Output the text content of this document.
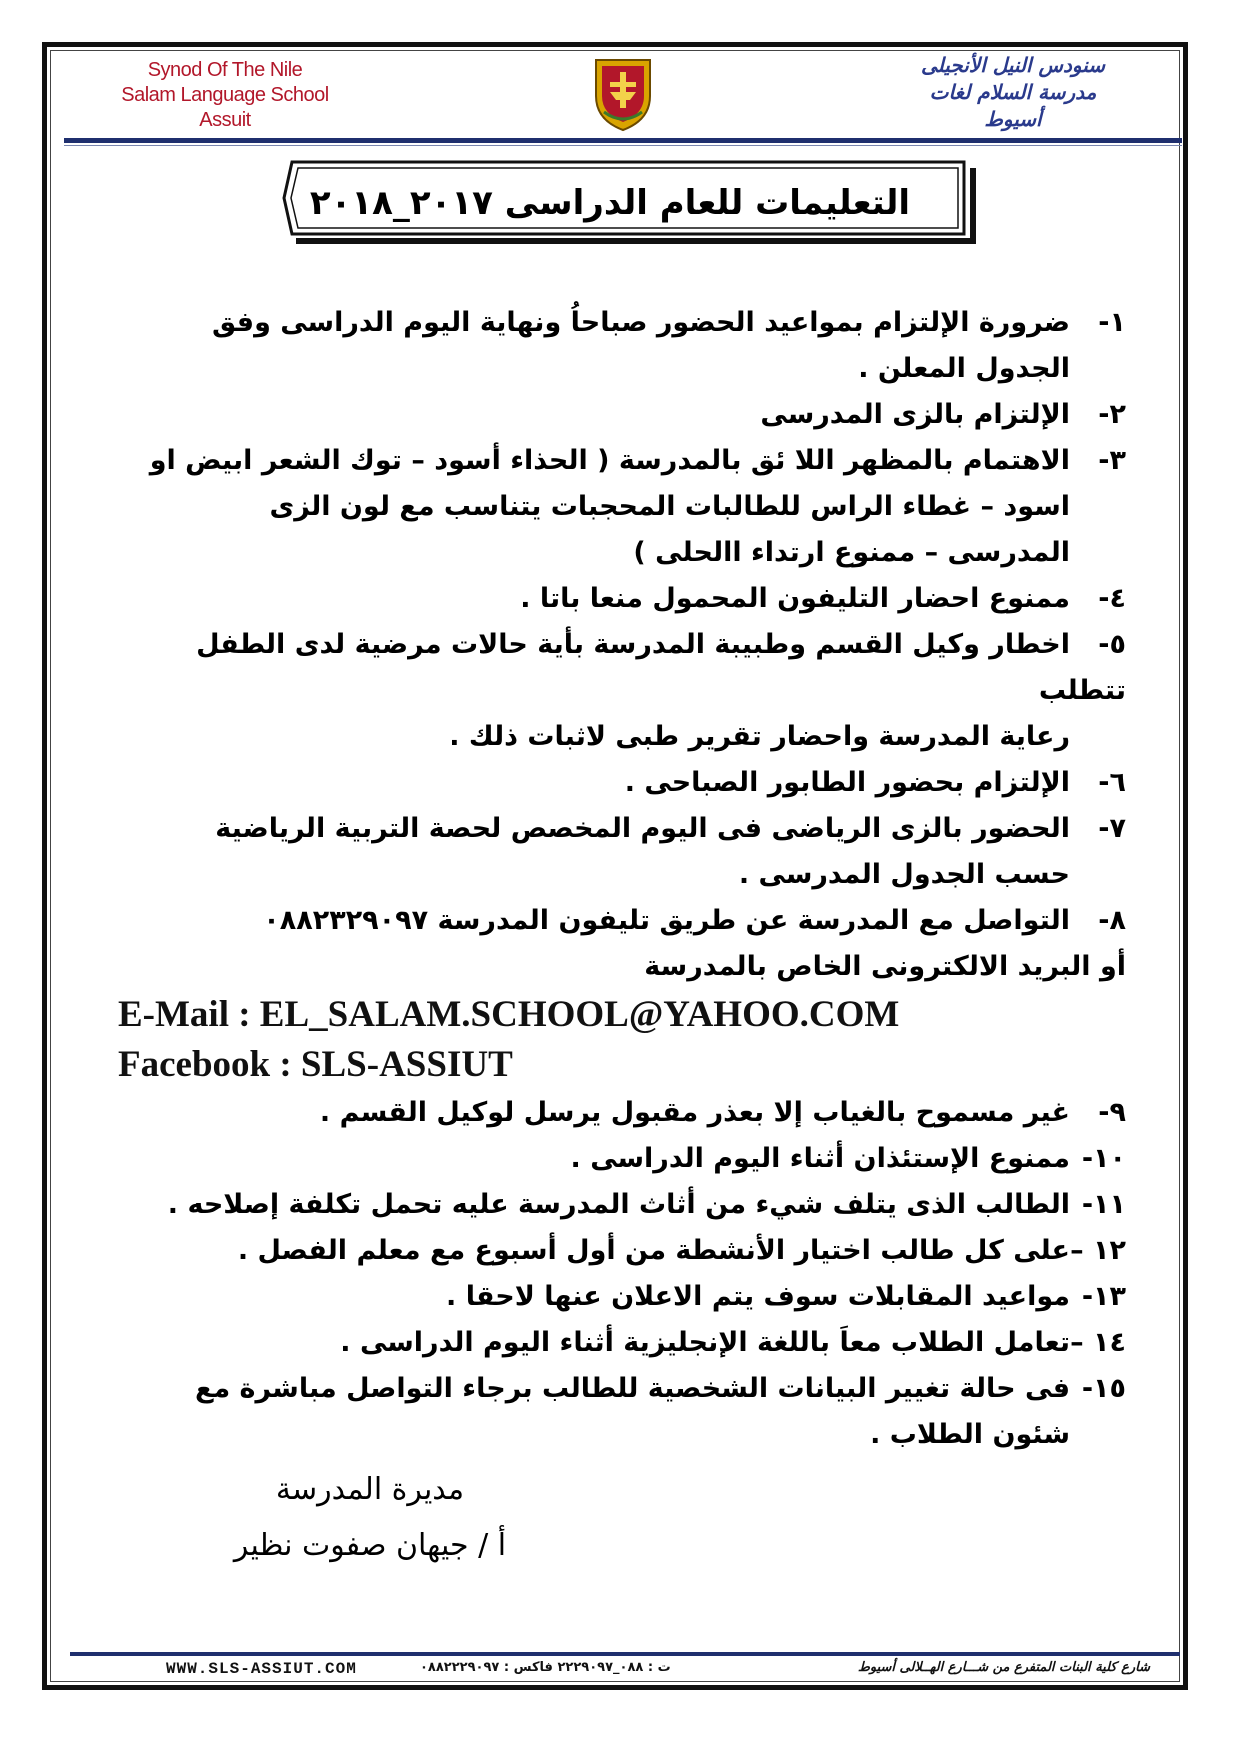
Synod Of The Nile
Salam Language School
Assuit
سنودس النيل الأنجيلى
مدرسة السلام لغات
أسيوط
التعليمات للعام الدراسى ٢٠١٧_٢٠١٨
١-ضرورة الإلتزام بمواعيد الحضور صباحاُ ونهاية اليوم الدراسى وفق
الجدول المعلن .
٢-الإلتزام بالزى المدرسى
٣-الاهتمام بالمظهر اللا ئق بالمدرسة ( الحذاء أسود – توك الشعر ابيض او
اسود – غطاء الراس للطالبات المحجبات يتناسب مع لون الزى
المدرسى – ممنوع ارتداء االحلى )
٤-ممنوع احضار التليفون المحمول منعا باتا .
٥-اخطار وكيل القسم وطبيبة المدرسة بأية حالات مرضية لدى الطفل تتطلب
رعاية المدرسة واحضار تقرير طبى لاثبات ذلك .
٦-الإلتزام بحضور الطابور الصباحى .
٧-الحضور بالزى الرياضى فى اليوم المخصص لحصة التربية الرياضية
حسب الجدول المدرسى .
٨-التواصل مع المدرسة عن طريق تليفون المدرسة ٠٨٨٢٣٢٩٠٩٧
أو البريد الالكترونى الخاص بالمدرسة

E-Mail : EL_SALAM.SCHOOL@YAHOO.COM

Facebook : SLS-ASSIUT

٩-غير مسموح بالغياب إلا بعذر مقبول يرسل لوكيل القسم .
١٠-ممنوع الإستئذان أثناء اليوم الدراسى .
١١-الطالب الذى يتلف شيء من أثاث المدرسة عليه تحمل تكلفة إصلاحه .
١٢ –على كل طالب اختيار الأنشطة من أول أسبوع مع معلم الفصل .
١٣-مواعيد المقابلات سوف يتم الاعلان عنها لاحقا .
١٤ –تعامل الطلاب معاَ باللغة الإنجليزية أثناء اليوم الدراسى .
١٥-فى حالة تغيير البيانات الشخصية للطالب برجاء التواصل مباشرة مع
شئون الطلاب .
مديرة المدرسة
أ / جيهان صفوت نظير
WWW.SLS-ASSIUT.COM	ت : ٠٨٨_٢٢٢٩٠٩٧ فاكس : ٠٨٨٢٢٢٩٠٩٧	شارع كلية البنات المتفرع من شـــارع الهــلالى أسيوط
